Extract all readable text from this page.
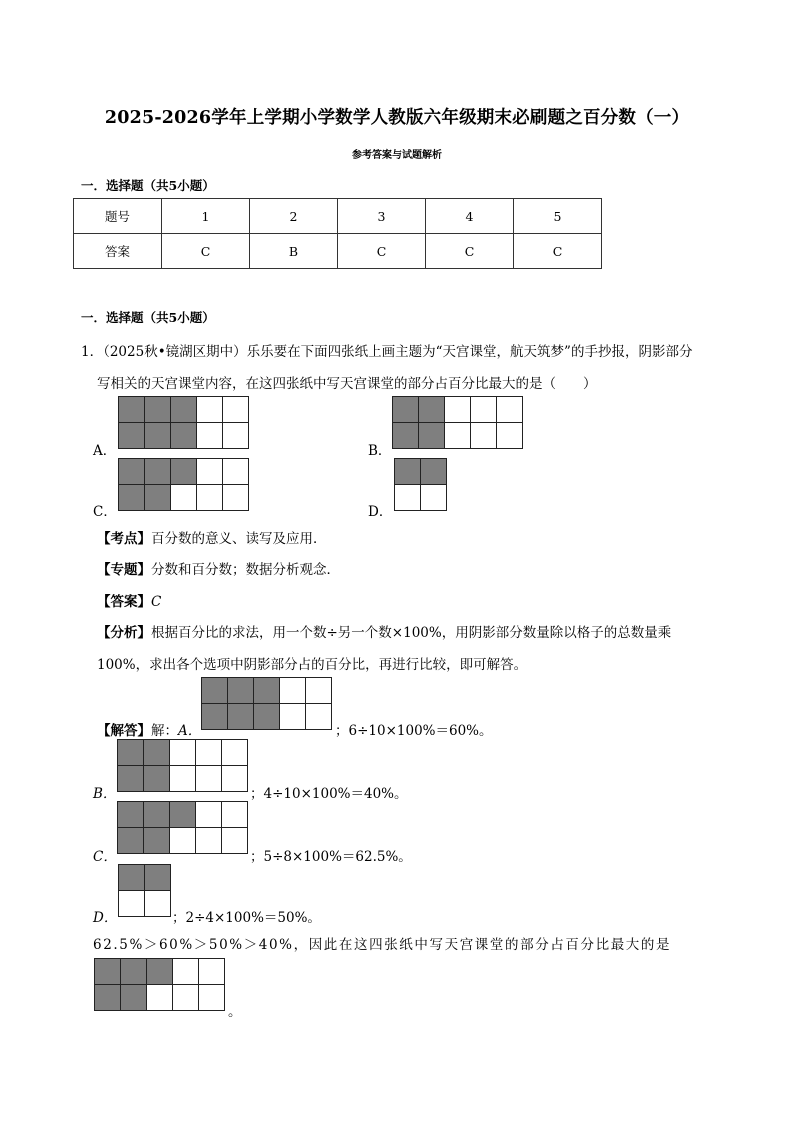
2025-2026学年上学期小学数学人教版六年级期末必刷题之百分数（一）
参考答案与试题解析
一．选择题（共5小题）
题号	1	2	3	4	5
答案	C	B	C	C	C
一．选择题（共5小题）
1．（2025秋•镜湖区期中）乐乐要在下面四张纸上画主题为“天宫课堂，航天筑梦”的手抄报，阴影部分
写相关的天宫课堂内容，在这四张纸中写天宫课堂的部分占百分比最大的是（　　）
A．	B．
C．	D．
【考点】百分数的意义、读写及应用．
【专题】分数和百分数；数据分析观念．
【答案】C
【分析】根据百分比的求法，用一个数÷另一个数×100%，用阴影部分数量除以格子的总数量乘
100%，求出各个选项中阴影部分占的百分比，再进行比较，即可解答。
【解答】解：A．	；6÷10×100%＝60%。
B．	；4÷10×100%＝40%。
C．	；5÷8×100%＝62.5%。
D．	；2÷4×100%＝50%。
62.5%＞60%＞50%＞40%，因此在这四张纸中写天宫课堂的部分占百分比最大的是
。
